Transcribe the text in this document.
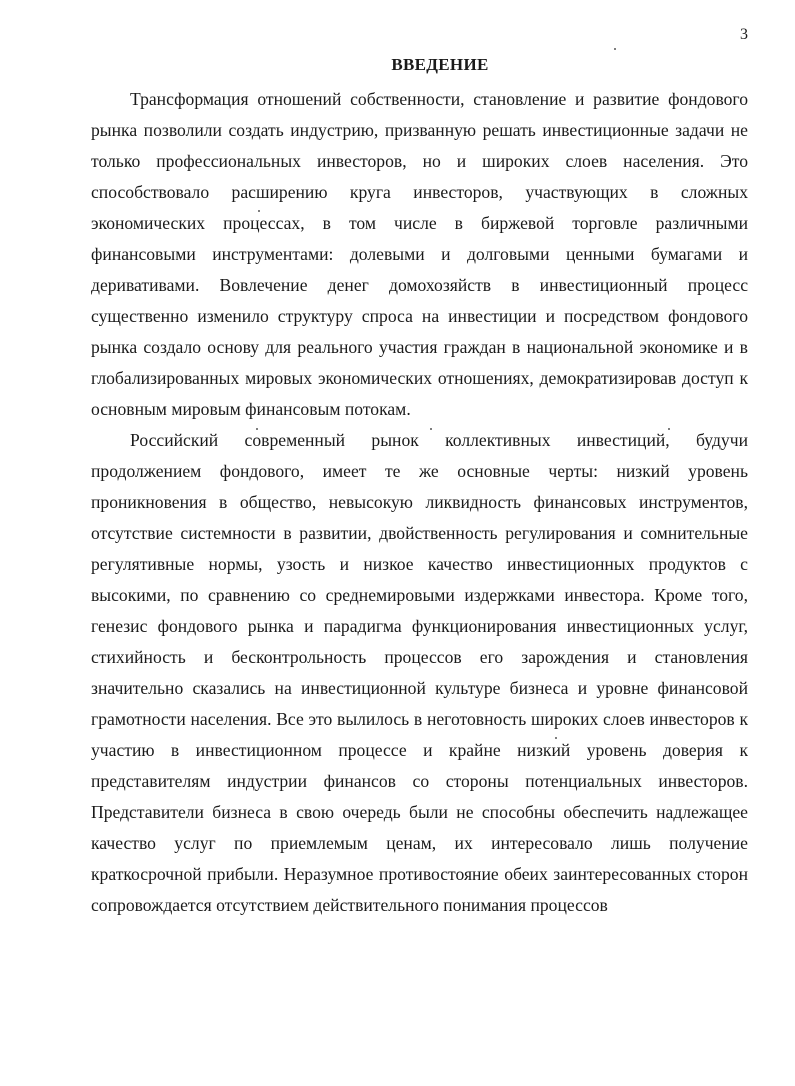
3
ВВЕДЕНИЕ

Трансформация отношений собственности, становление и развитие фондового рынка позволили создать индустрию, призванную решать инвестиционные задачи не только профессиональных инвесторов, но и широких слоев населения. Это способствовало расширению круга инвесторов, участвующих в сложных экономических процессах, в том числе в биржевой торговле различными финансовыми инструментами: долевыми и долговыми ценными бумагами и деривативами. Вовлечение денег домохозяйств в инвестиционный процесс существенно изменило структуру спроса на инвестиции и посредством фондового рынка создало основу для реального участия граждан в национальной экономике и в глобализированных мировых экономических отношениях, демократизировав доступ к основным мировым финансовым потокам.

Российский современный рынок коллективных инвестиций, будучи продолжением фондового, имеет те же основные черты: низкий уровень проникновения в общество, невысокую ликвидность финансовых инструментов, отсутствие системности в развитии, двойственность регулирования и сомнительные регулятивные нормы, узость и низкое качество инвестиционных продуктов с высокими, по сравнению со среднемировыми издержками инвестора. Кроме того, генезис фондового рынка и парадигма функционирования инвестиционных услуг, стихийность и бесконтрольность процессов его зарождения и становления значительно сказались на инвестиционной культуре бизнеса и уровне финансовой грамотности населения. Все это вылилось в неготовность широких слоев инвесторов к участию в инвестиционном процессе и крайне низкий уровень доверия к представителям индустрии финансов со стороны потенциальных инвесторов. Представители бизнеса в свою очередь были не способны обеспечить надлежащее качество услуг по приемлемым ценам, их интересовало лишь получение краткосрочной прибыли. Неразумное противостояние обеих заинтересованных сторон сопровождается отсутствием действительного понимания процессов
